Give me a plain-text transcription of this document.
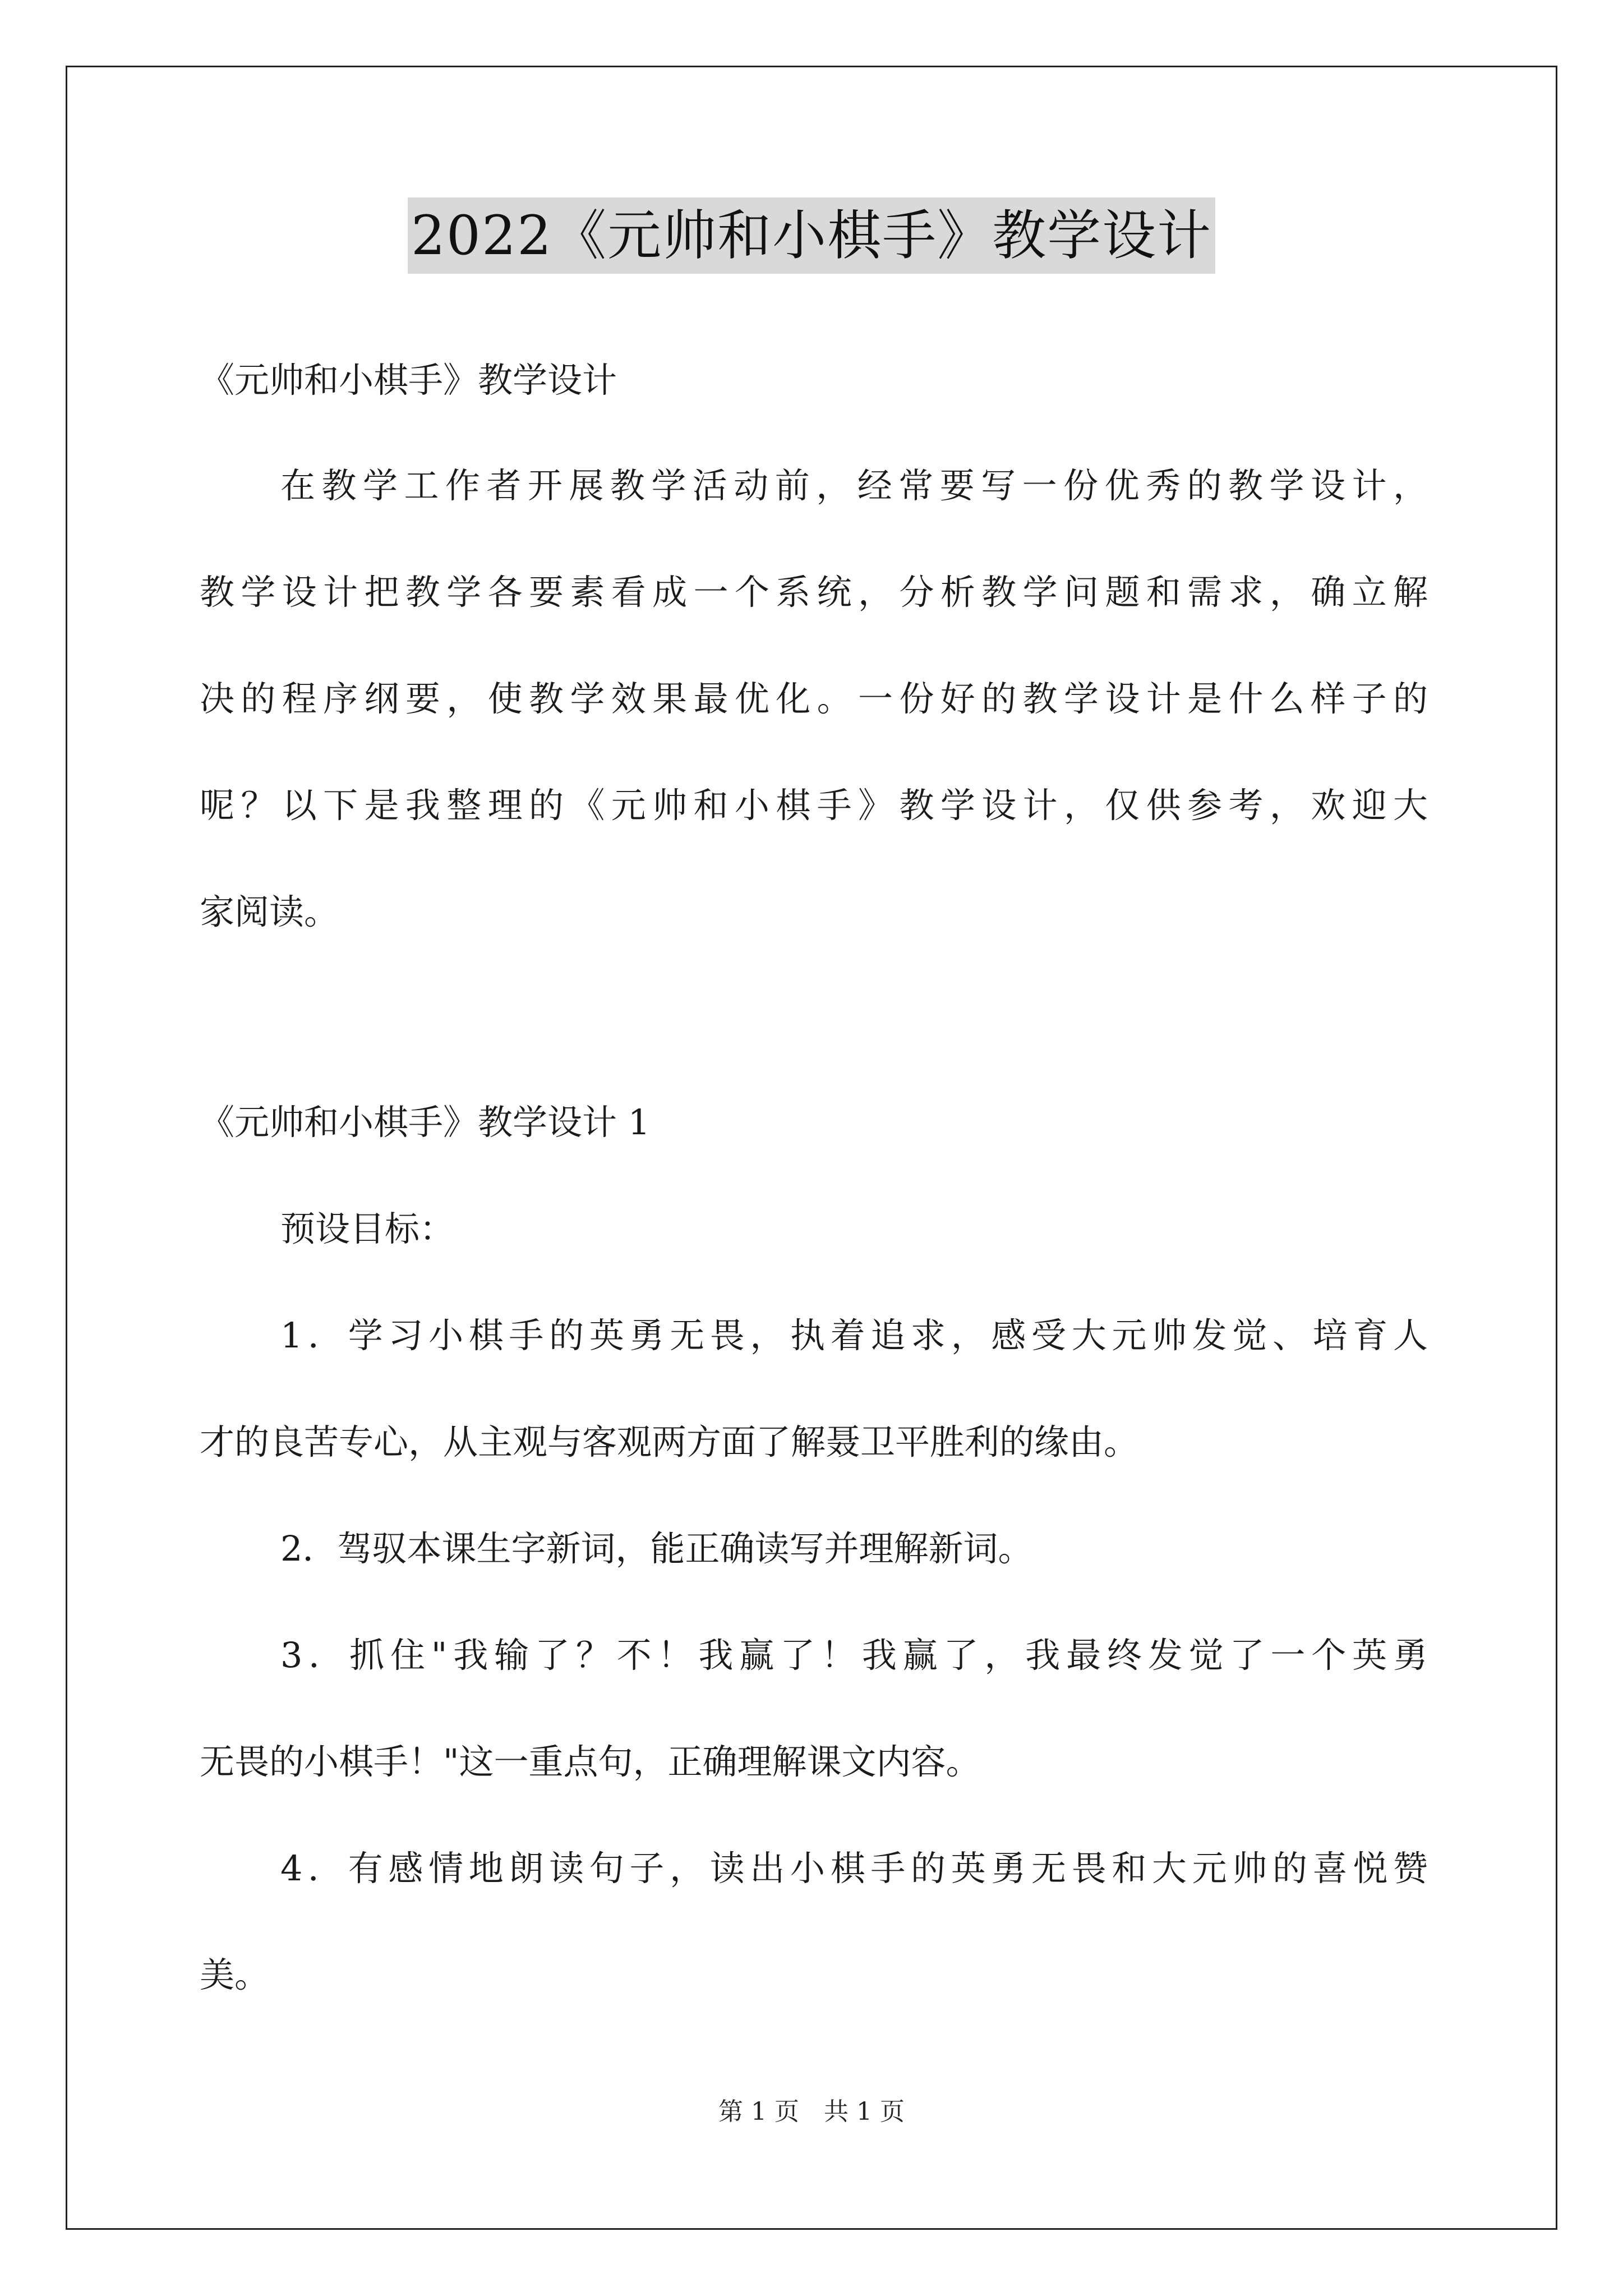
2022《元帅和小棋手》教学设计
《元帅和小棋手》教学设计
在教学工作者开展教学活动前，经常要写一份优秀的教学设计，
教学设计把教学各要素看成一个系统，分析教学问题和需求，确立解
决的程序纲要，使教学效果最优化。一份好的教学设计是什么样子的
呢？以下是我整理的《元帅和小棋手》教学设计，仅供参考，欢迎大
家阅读。
《元帅和小棋手》教学设计 1
预设目标：
1．学习小棋手的英勇无畏，执着追求，感受大元帅发觉、培育人
才的良苦专心，从主观与客观两方面了解聂卫平胜利的缘由。
2．驾驭本课生字新词，能正确读写并理解新词。
3．抓住"我输了？不！我赢了！我赢了，我最终发觉了一个英勇
无畏的小棋手！"这一重点句，正确理解课文内容。
4．有感情地朗读句子，读出小棋手的英勇无畏和大元帅的喜悦赞
美。
第 1 页　共 1 页
